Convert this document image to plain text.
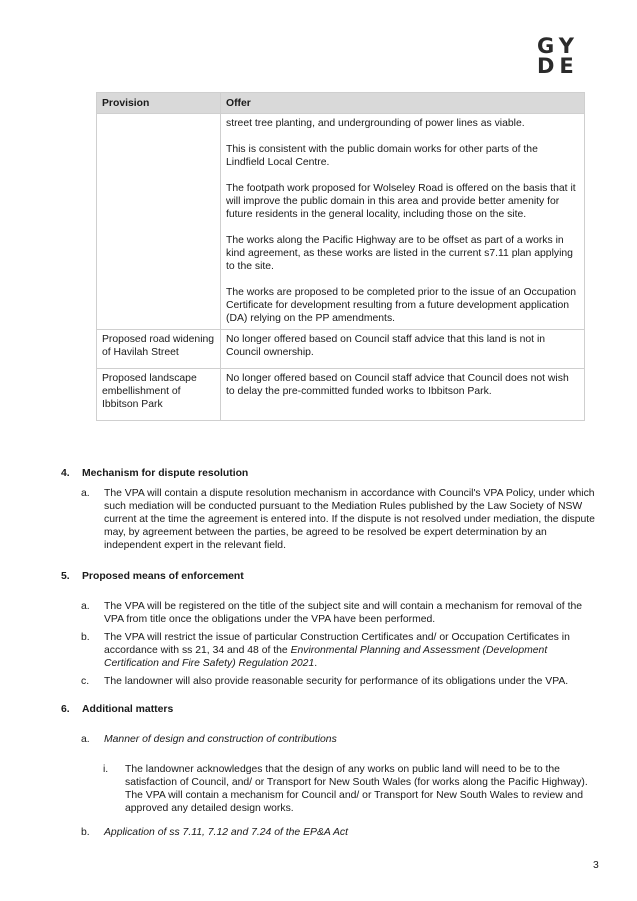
GY
DE
Provision	Offer

	street tree planting, and undergrounding of power lines as viable.

This is consistent with the public domain works for other parts of the Lindfield Local Centre.

The footpath work proposed for Wolseley Road is offered on the basis that it will improve the public domain in this area and provide better amenity for future residents in the general locality, including those on the site.

The works along the Pacific Highway are to be offset as part of a works in kind agreement, as these works are listed in the current s7.11 plan applying to the site.

The works are proposed to be completed prior to the issue of an Occupation Certificate for development resulting from a future development application (DA) relying on the PP amendments.

Proposed road widening of Havilah Street	No longer offered based on Council staff advice that this land is not in Council ownership.
Proposed landscape embellishment of Ibbitson Park	No longer offered based on Council staff advice that Council does not wish to delay the pre-committed funded works to Ibbitson Park.
4. Mechanism for dispute resolution
a. The VPA will contain a dispute resolution mechanism in accordance with Council's VPA Policy, under which such mediation will be conducted pursuant to the Mediation Rules published by the Law Society of NSW current at the time the agreement is entered into. If the dispute is not resolved under mediation, the dispute may, by agreement between the parties, be agreed to be resolved be expert determination by an independent expert in the relevant field.
5. Proposed means of enforcement
a. The VPA will be registered on the title of the subject site and will contain a mechanism for removal of the VPA from title once the obligations under the VPA have been performed.
b. The VPA will restrict the issue of particular Construction Certificates and/ or Occupation Certificates in accordance with ss 21, 34 and 48 of the Environmental Planning and Assessment (Development Certification and Fire Safety) Regulation 2021.
c. The landowner will also provide reasonable security for performance of its obligations under the VPA.
6. Additional matters
a. Manner of design and construction of contributions
i. The landowner acknowledges that the design of any works on public land will need to be to the satisfaction of Council, and/ or Transport for New South Wales (for works along the Pacific Highway). The VPA will contain a mechanism for Council and/ or Transport for New South Wales to review and approved any detailed design works.
b. Application of ss 7.11, 7.12 and 7.24 of the EP&A Act
3
